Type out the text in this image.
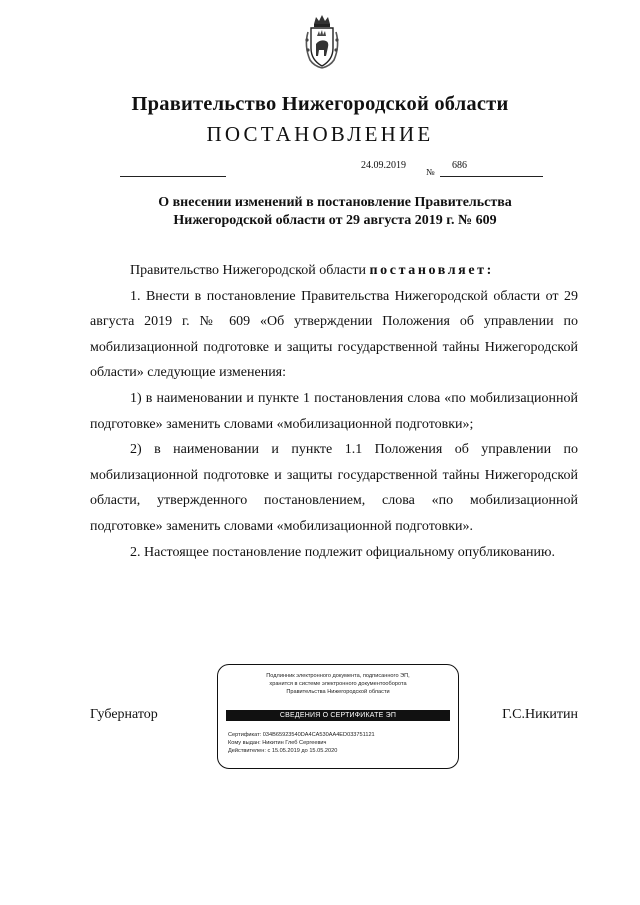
Правительство Нижегородской области
ПОСТАНОВЛЕНИЕ
24.09.2019
№
686
О внесении изменений в постановление Правительства
Нижегородской области от 29 августа 2019 г. № 609

Правительство Нижегородской области постановляет:

1. Внести в постановление Правительства Нижегородской области от 29 августа 2019 г. № 609 «Об утверждении Положения об управлении по мобилизационной подготовке и защиты государственной тайны Нижегородской области» следующие изменения:

1) в наименовании и пункте 1 постановления слова «по мобилизационной подготовке» заменить словами «мобилизационной подготовки»;

2) в наименовании и пункте 1.1 Положения об управлении по мобилизационной подготовке и защиты государственной тайны Нижегородской области, утвержденного постановлением, слова «по мобилизационной подготовке» заменить словами «мобилизационной подготовки».

2. Настоящее постановление подлежит официальному опубликованию.

Губернатор	Г.С.Никитин
Подлинник электронного документа, подписанного ЭП,
хранится в системе электронного документооборота
Правительства Нижегородской области
СВЕДЕНИЯ О СЕРТИФИКАТЕ ЭП
Сертификат: 034B65923540DA4CA530AA4ED033751121
Кому выдан: Никитин Глеб Сергеевич
Действителен: с 15.05.2019 до 15.05.2020
